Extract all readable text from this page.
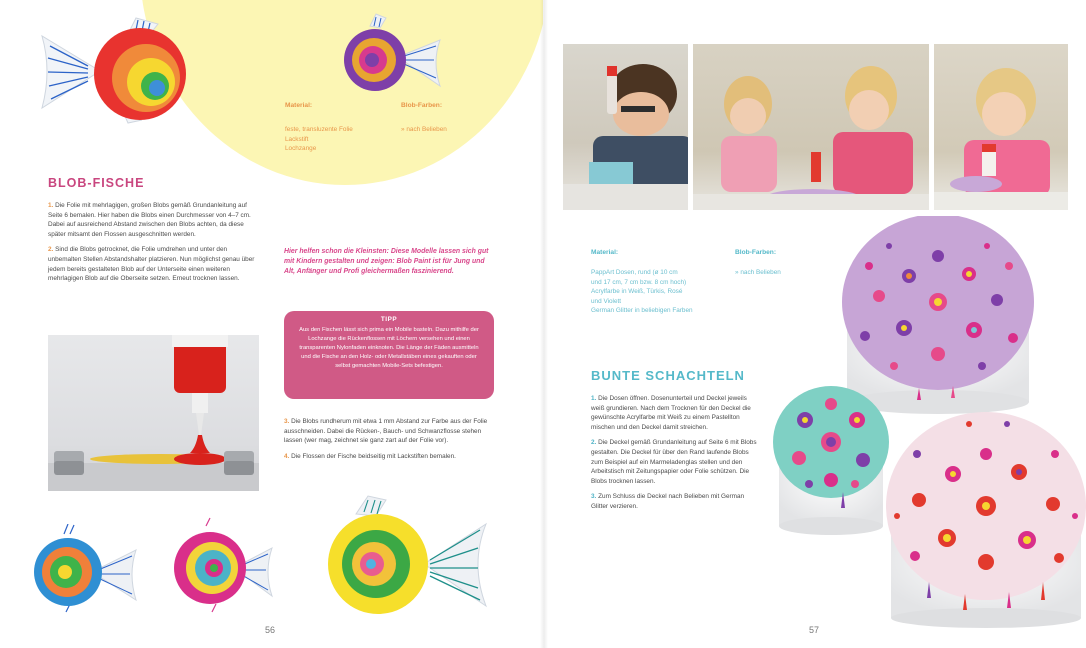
Material:	Blob-Farben:
feste, transluzente Folie
Lackstift
Lochzange
» nach Belieben
BLOB-FISCHE

1. Die Folie mit mehrlagigen, großen Blobs gemäß Grundanleitung auf Seite 6 bemalen. Hier haben die Blobs einen Durchmesser von 4–7 cm. Dabei auf ausreichend Abstand zwischen den Blobs achten, da diese später mitsamt den Flossen ausgeschnitten werden.

2. Sind die Blobs getrocknet, die Folie umdrehen und unter den unbemalten Stellen Abstandshalter platzieren. Nun möglichst genau über jedem bereits gestalteten Blob auf der Unterseite einen weiteren mehrlagigen Blob auf die Oberseite setzen. Erneut trocknen lassen.

Hier helfen schon die Kleinsten: Diese Modelle lassen sich gut mit Kindern gestalten und zeigen: Blob Paint ist für Jung und Alt, Anfänger und Profi gleichermaßen faszinierend.
TIPP
Aus den Fischen lässt sich prima ein Mobile basteln. Dazu mithilfe der Lochzange die Rückenflossen mit Löchern versehen und einen transparenten Nylonfaden einknoten. Die Länge der Fäden ausmitteln und die Fische an den Holz- oder Metallstäben eines gekauften oder selbst gemachten Mobile-Sets befestigen.

3. Die Blobs rundherum mit etwa 1 mm Abstand zur Farbe aus der Folie ausschneiden. Dabei die Rücken-, Bauch- und Schwanzflosse stehen lassen (wer mag, zeichnet sie ganz zart auf der Folie vor).

4. Die Flossen der Fische beidseitig mit Lackstiften bemalen.

56
Material:	Blob-Farben:
PappArt Dosen, rund (ø 10 cm
und 17 cm, 7 cm bzw. 8 cm hoch)
Acrylfarbe in Weiß, Türkis, Rosé
und Violett
German Glitter in beliebigen Farben
» nach Belieben
BUNTE SCHACHTELN

1. Die Dosen öffnen. Dosenunterteil und Deckel jeweils weiß grundieren. Nach dem Trocknen für den Deckel die gewünschte Acrylfarbe mit Weiß zu einem Pastellton mischen und den Deckel damit streichen.

2. Die Deckel gemäß Grundanleitung auf Seite 6 mit Blobs gestalten. Die Deckel für über den Rand laufende Blobs zum Beispiel auf ein Marmeladenglas stellen und den Arbeitstisch mit Zeitungspapier oder Folie schützen. Die Blobs trocknen lassen.

3. Zum Schluss die Deckel nach Belieben mit German Glitter verzieren.

57
